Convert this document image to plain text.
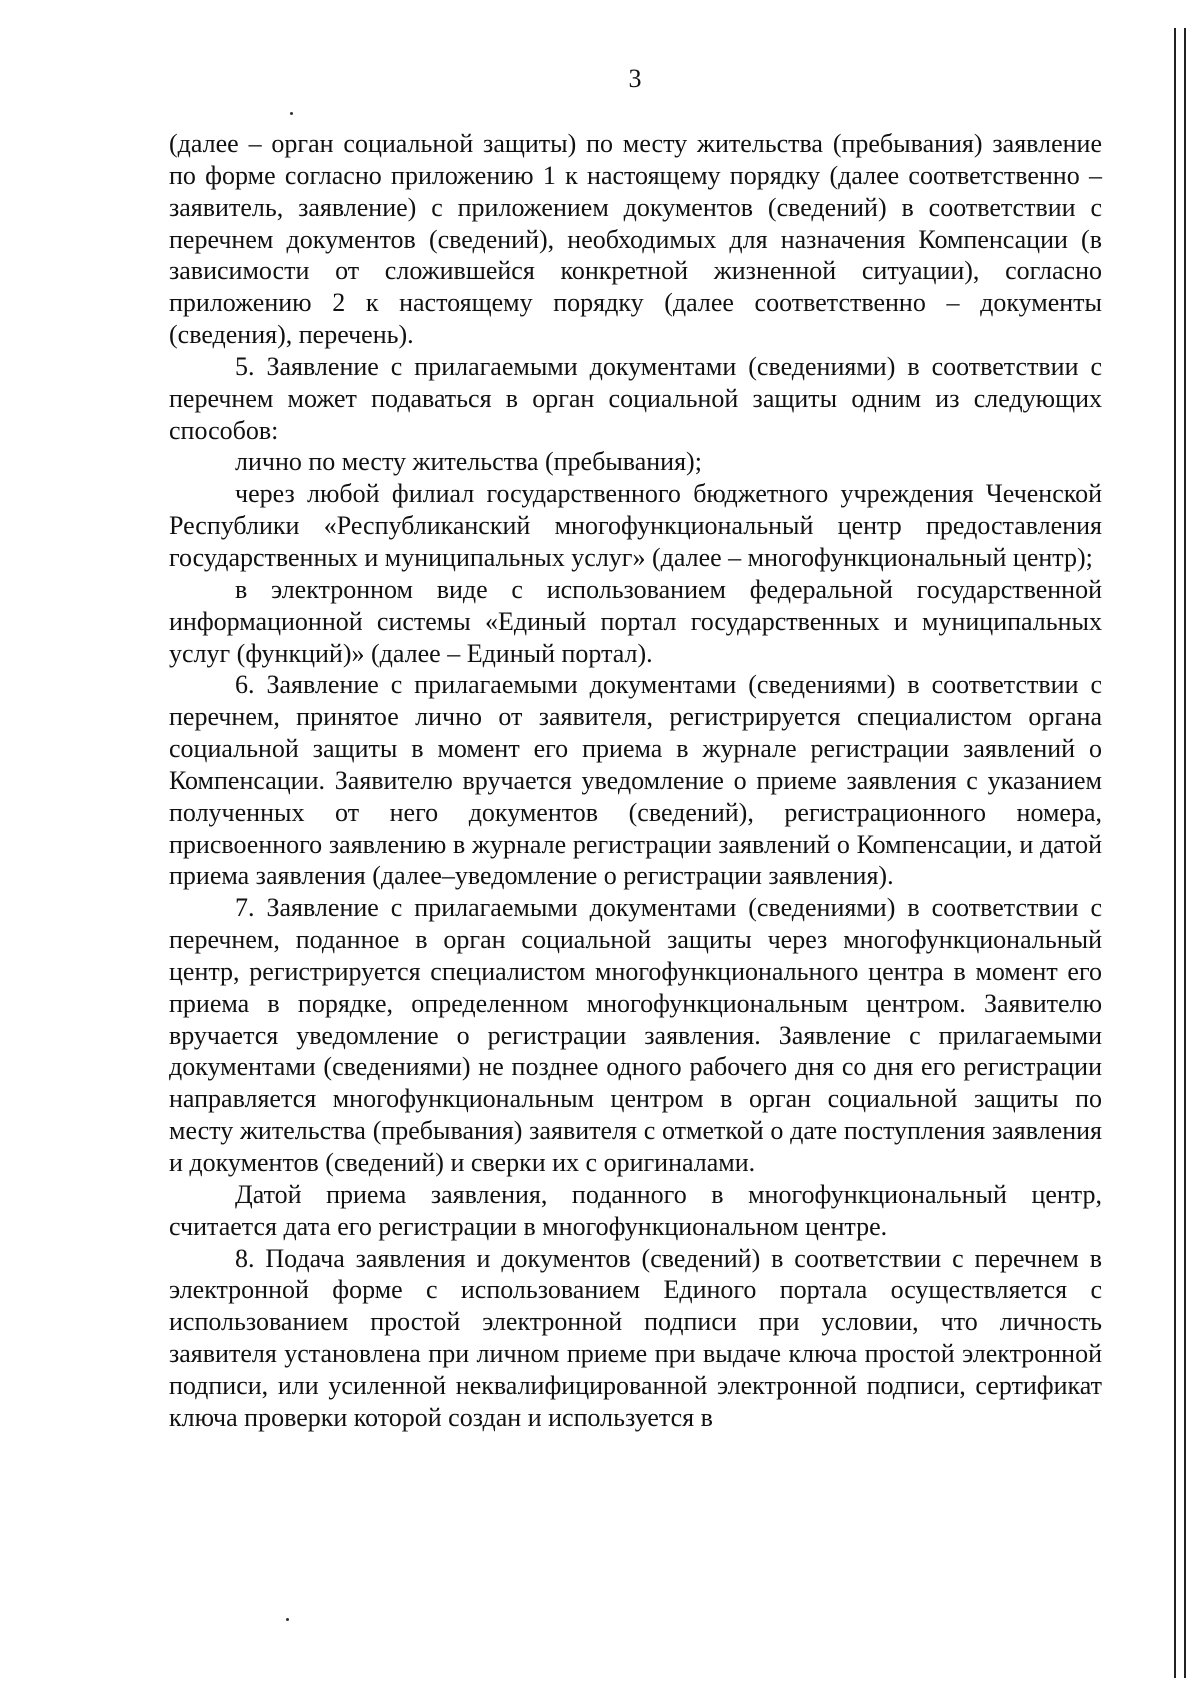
3

(далее – орган социальной защиты) по месту жительства (пребывания) заявление по форме согласно приложению 1 к настоящему порядку (далее соответственно – заявитель, заявление) с приложением документов (сведений) в соответствии с перечнем документов (сведений), необходимых для назначения Компенсации (в зависимости от сложившейся конкретной жизненной ситуации), согласно приложению 2 к настоящему порядку (далее соответственно – документы (сведения), перечень).

5. Заявление с прилагаемыми документами (сведениями) в соответствии с перечнем может подаваться в орган социальной защиты одним из следующих способов:

лично по месту жительства (пребывания);

через любой филиал государственного бюджетного учреждения Чеченской Республики «Республиканский многофункциональный центр предоставления государственных и муниципальных услуг» (далее – многофункциональный центр);

в электронном виде с использованием федеральной государственной информационной системы «Единый портал государственных и муниципальных услуг (функций)» (далее – Единый портал).

6. Заявление с прилагаемыми документами (сведениями) в соответствии с перечнем, принятое лично от заявителя, регистрируется специалистом органа социальной защиты в момент его приема в журнале регистрации заявлений о Компенсации. Заявителю вручается уведомление о приеме заявления с указанием полученных от него документов (сведений), регистрационного номера, присвоенного заявлению в журнале регистрации заявлений о Компенсации, и датой приема заявления (далее–уведомление о регистрации заявления).

7. Заявление с прилагаемыми документами (сведениями) в соответствии с перечнем, поданное в орган социальной защиты через многофункциональный центр, регистрируется специалистом многофункционального центра в момент его приема в порядке, определенном многофункциональным центром. Заявителю вручается уведомление о регистрации заявления. Заявление с прилагаемыми документами (сведениями) не позднее одного рабочего дня со дня его регистрации направляется многофункциональным центром в орган социальной защиты по месту жительства (пребывания) заявителя с отметкой о дате поступления заявления и документов (сведений) и сверки их с оригиналами.

Датой приема заявления, поданного в многофункциональный центр, считается дата его регистрации в многофункциональном центре.

8. Подача заявления и документов (сведений) в соответствии с перечнем в электронной форме с использованием Единого портала осуществляется с использованием простой электронной подписи при условии, что личность заявителя установлена при личном приеме при выдаче ключа простой электронной подписи, или усиленной неквалифицированной электронной подписи, сертификат ключа проверки которой создан и используется в
